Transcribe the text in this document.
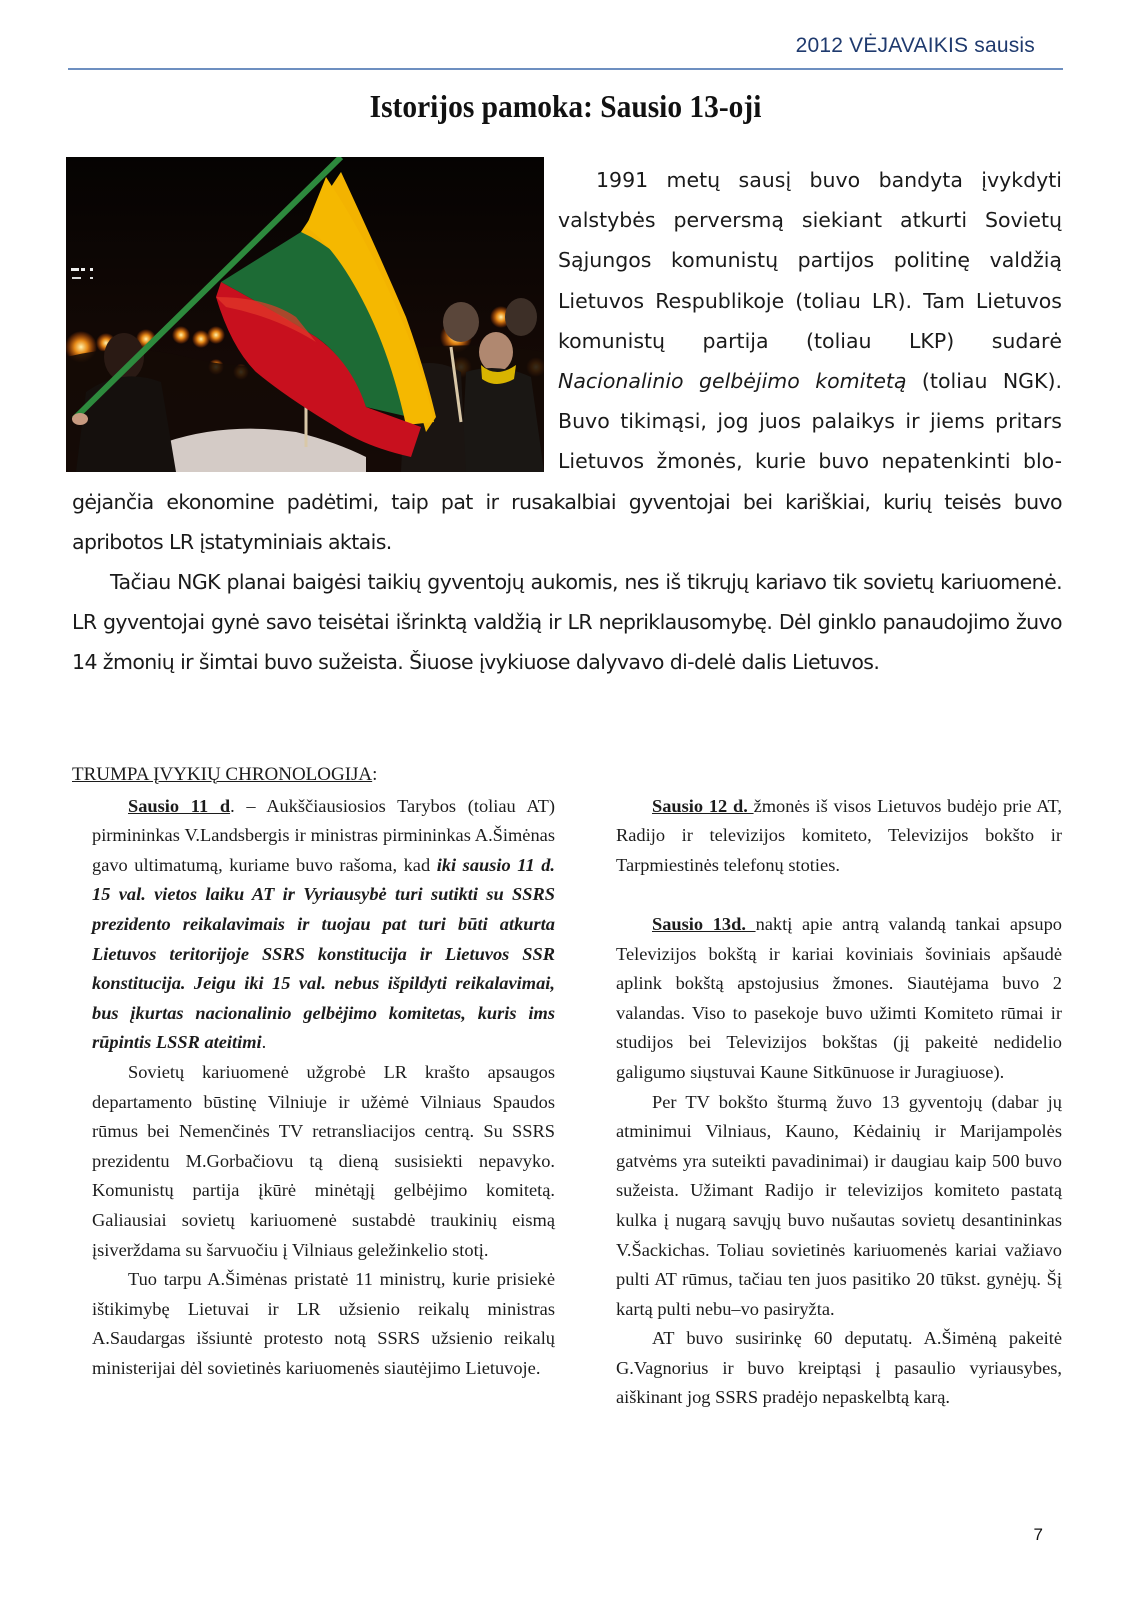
2012 VĖJAVAIKIS sausis
Istorijos pamoka: Sausio 13-oji

1991 metų sausį buvo bandyta įvykdyti valstybės perversmą siekiant atkurti Sovietų Sąjungos komunistų partijos politinę valdžią Lietuvos Respublikoje (toliau LR). Tam Lietuvos komunistų partija (toliau LKP) sudarė Nacionalinio gelbėjimo komitetą (toliau NGK). Buvo tikimąsi, jog juos palaikys ir jiems pritars Lietuvos žmonės, kurie buvo nepatenkinti blo-gėjančia ekonomine padėtimi, taip pat ir rusakalbiai gyventojai bei kariškiai, kurių teisės buvo apribotos LR įstatyminiais aktais.

Tačiau NGK planai baigėsi taikių gyventojų aukomis, nes iš tikrųjų kariavo tik sovietų kariuomenė. LR gyventojai gynė savo teisėtai išrinktą valdžią ir LR nepriklausomybę. Dėl ginklo panaudojimo žuvo 14 žmonių ir šimtai buvo sužeista. Šiuose įvykiuose dalyvavo di-delė dalis Lietuvos.

TRUMPA ĮVYKIŲ CHRONOLOGIJA:

Sausio 11 d. – Aukščiausiosios Tarybos (toliau AT) pirmininkas V.Landsbergis ir ministras pirmininkas A.Šimėnas gavo ultimatumą, kuriame buvo rašoma, kad iki sausio 11 d. 15 val. vietos laiku AT ir Vyriausybė turi sutikti su SSRS prezidento reikalavimais ir tuojau pat turi būti atkurta Lietuvos teritorijoje SSRS konstitucija ir Lietuvos SSR konstitucija. Jeigu iki 15 val. nebus išpildyti reikalavimai, bus įkurtas nacionalinio gelbėjimo komitetas, kuris ims rūpintis LSSR ateitimi.

Sovietų kariuomenė užgrobė LR krašto apsaugos departamento būstinę Vilniuje ir užėmė Vilniaus Spaudos rūmus bei Nemenčinės TV retransliacijos centrą. Su SSRS prezidentu M.Gorbačiovu tą dieną susisiekti nepavyko. Komunistų partija įkūrė minėtąjį gelbėjimo komitetą. Galiausiai sovietų kariuomenė sustabdė traukinių eismą įsiverždama su šarvuočiu į Vilniaus geležinkelio stotį.

Tuo tarpu A.Šimėnas pristatė 11 ministrų, kurie prisiekė ištikimybę Lietuvai ir LR užsienio reikalų ministras A.Saudargas išsiuntė protesto notą SSRS užsienio reikalų ministerijai dėl sovietinės kariuomenės siautėjimo Lietuvoje.

Sausio 12 d. žmonės iš visos Lietuvos budėjo prie AT, Radijo ir televizijos komiteto, Televizijos bokšto ir Tarpmiestinės telefonų stoties.

Sausio 13d. naktį apie antrą valandą tankai apsupo Televizijos bokštą ir kariai koviniais šoviniais apšaudė aplink bokštą apstojusius žmones. Siautėjama buvo 2 valandas. Viso to pasekoje buvo užimti Komiteto rūmai ir studijos bei Televizijos bokštas (jį pakeitė nedidelio galigumo siųstuvai Kaune Sitkūnuose ir Juragiuose).

Per TV bokšto šturmą žuvo 13 gyventojų (dabar jų atminimui Vilniaus, Kauno, Kėdainių ir Marijampolės gatvėms yra suteikti pavadinimai) ir daugiau kaip 500 buvo sužeista. Užimant Radijo ir televizijos komiteto pastatą kulka į nugarą savųjų buvo nušautas sovietų desantininkas V.Šackichas. Toliau sovietinės kariuomenės kariai važiavo pulti AT rūmus, tačiau ten juos pasitiko 20 tūkst. gynėjų. Šį kartą pulti nebu–vo pasiryžta.

AT buvo susirinkę 60 deputatų. A.Šimėną pakeitė G.Vagnorius ir buvo kreiptąsi į pasaulio vyriausybes, aiškinant jog SSRS pradėjo nepaskelbtą karą.

7
